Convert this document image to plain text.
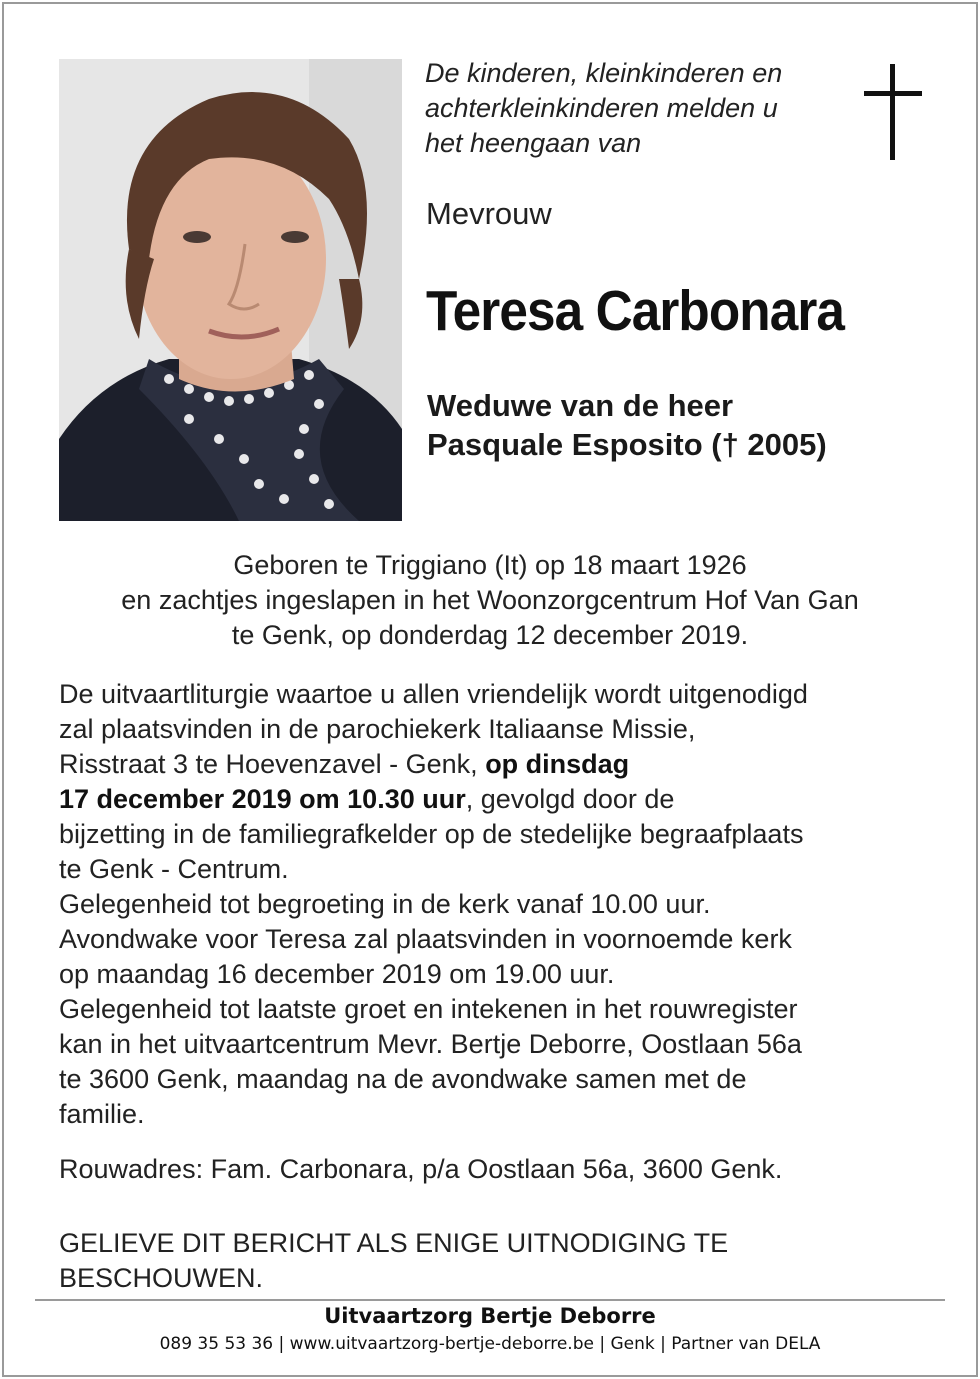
De kinderen, kleinkinderen en
achterkleinkinderen melden u
het heengaan van
Mevrouw
Teresa Carbonara
Weduwe van de heer
Pasquale Esposito († 2005)
Geboren te Triggiano (It) op 18 maart 1926
en zachtjes ingeslapen in het Woonzorgcentrum Hof Van Gan
te Genk, op donderdag 12 december 2019.
De uitvaartliturgie waartoe u allen vriendelijk wordt uitgenodigd
zal plaatsvinden in de parochiekerk Italiaanse Missie,
Risstraat 3 te Hoevenzavel - Genk, op dinsdag
17 december 2019 om 10.30 uur, gevolgd door de
bijzetting in de familiegrafkelder op de stedelijke begraafplaats
te Genk - Centrum.
Gelegenheid tot begroeting in de kerk vanaf 10.00 uur.
Avondwake voor Teresa zal plaatsvinden in voornoemde kerk
op maandag 16 december 2019 om 19.00 uur.
Gelegenheid tot laatste groet en intekenen in het rouwregister
kan in het uitvaartcentrum Mevr. Bertje Deborre, Oostlaan 56a
te 3600 Genk, maandag na de avondwake samen met de
familie.
Rouwadres: Fam. Carbonara, p/a Oostlaan 56a, 3600 Genk.
GELIEVE DIT BERICHT ALS ENIGE UITNODIGING TE
BESCHOUWEN.
Uitvaartzorg Bertje Deborre
089 35 53 36 | www.uitvaartzorg-bertje-deborre.be | Genk | Partner van DELA
